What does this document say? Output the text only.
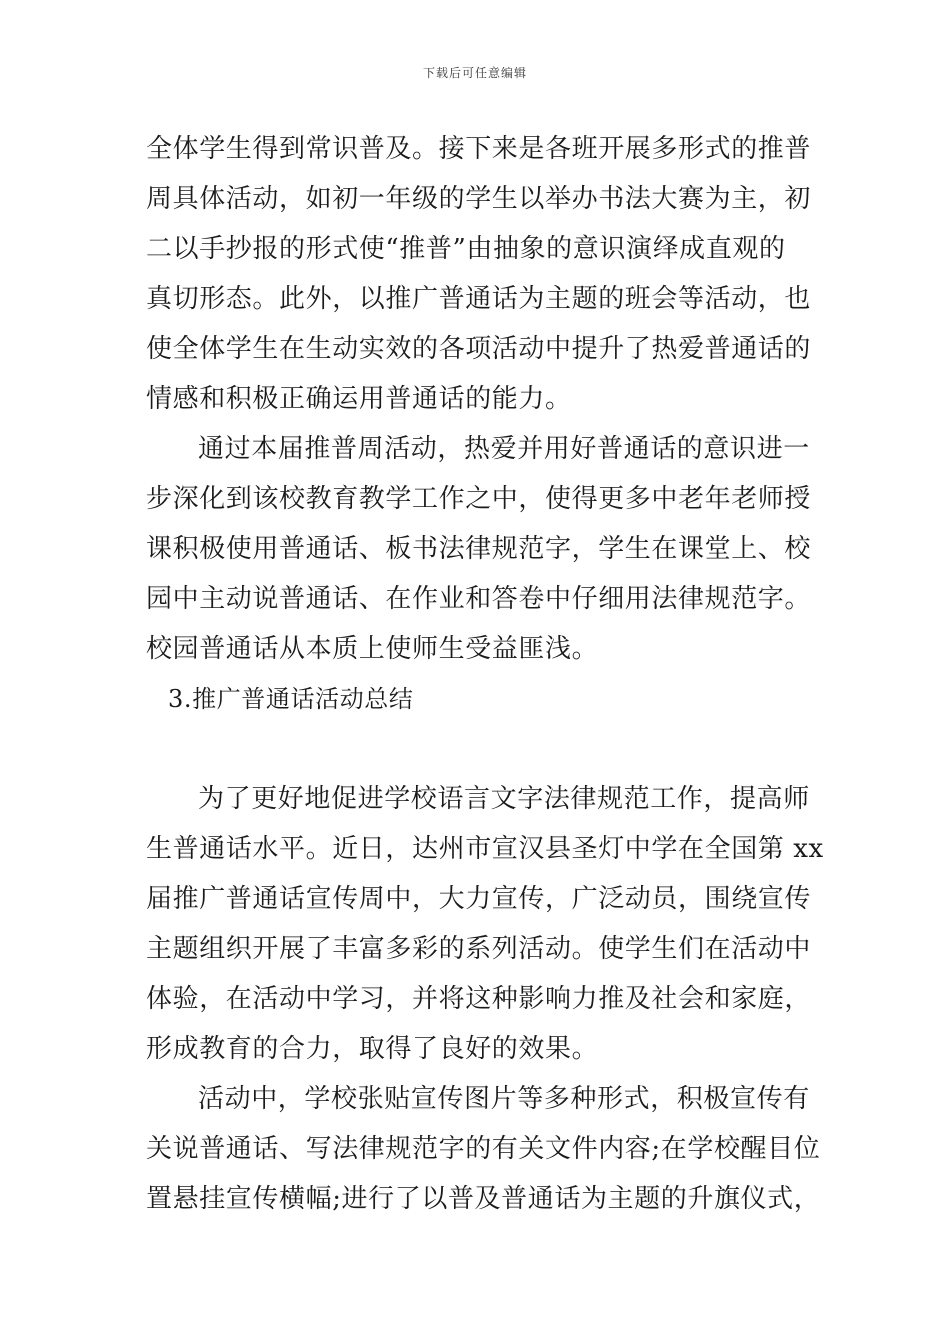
下载后可任意编辑
全体学生得到常识普及。接下来是各班开展多形式的推普
周具体活动，如初一年级的学生以举办书法大赛为主，初
二以手抄报的形式使“推普”由抽象的意识演绎成直观的
真切形态。此外，以推广普通话为主题的班会等活动，也
使全体学生在生动实效的各项活动中提升了热爱普通话的
情感和积极正确运用普通话的能力。
通过本届推普周活动，热爱并用好普通话的意识进一
步深化到该校教育教学工作之中，使得更多中老年老师授
课积极使用普通话、板书法律规范字，学生在课堂上、校
园中主动说普通话、在作业和答卷中仔细用法律规范字。
校园普通话从本质上使师生受益匪浅。
3.推广普通话活动总结
为了更好地促进学校语言文字法律规范工作，提高师
生普通话水平。近日，达州市宣汉县圣灯中学在全国第 xx
届推广普通话宣传周中，大力宣传，广泛动员，围绕宣传
主题组织开展了丰富多彩的系列活动。使学生们在活动中
体验，在活动中学习，并将这种影响力推及社会和家庭，
形成教育的合力，取得了良好的效果。
活动中，学校张贴宣传图片等多种形式，积极宣传有
关说普通话、写法律规范字的有关文件内容;在学校醒目位
置悬挂宣传横幅;进行了以普及普通话为主题的升旗仪式，
